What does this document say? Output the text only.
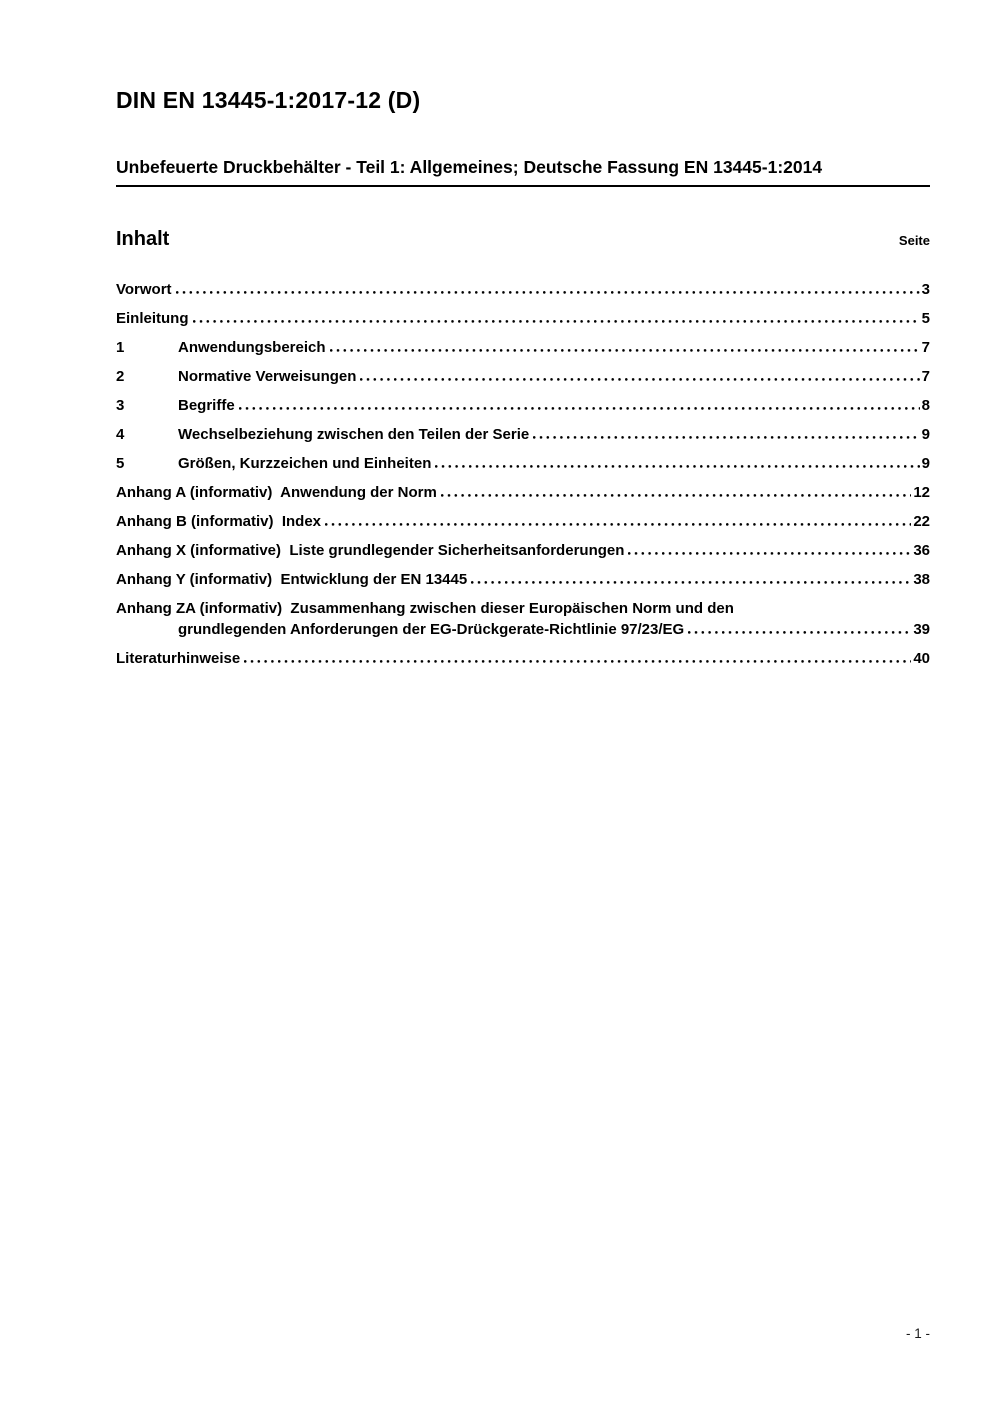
DIN EN 13445-1:2017-12 (D)
Unbefeuerte Druckbehälter - Teil 1: Allgemeines; Deutsche Fassung EN 13445-1:2014
Inhalt	Seite
Vorwort	3
Einleitung	5
1	Anwendungsbereich	7
2	Normative Verweisungen	7
3	Begriffe	8
4	Wechselbeziehung zwischen den Teilen der Serie	9
5	Größen, Kurzzeichen und Einheiten	9
Anhang A (informativ)  Anwendung der Norm	12
Anhang B (informativ)  Index	22
Anhang X (informative)  Liste grundlegender Sicherheitsanforderungen	36
Anhang Y (informativ)  Entwicklung der EN 13445	38
Anhang ZA (informativ)  Zusammenhang zwischen dieser Europäischen Norm und den
grundlegenden Anforderungen der EG-Drückgerate-Richtlinie 97/23/EG	39
Literaturhinweise	40
- 1 -
